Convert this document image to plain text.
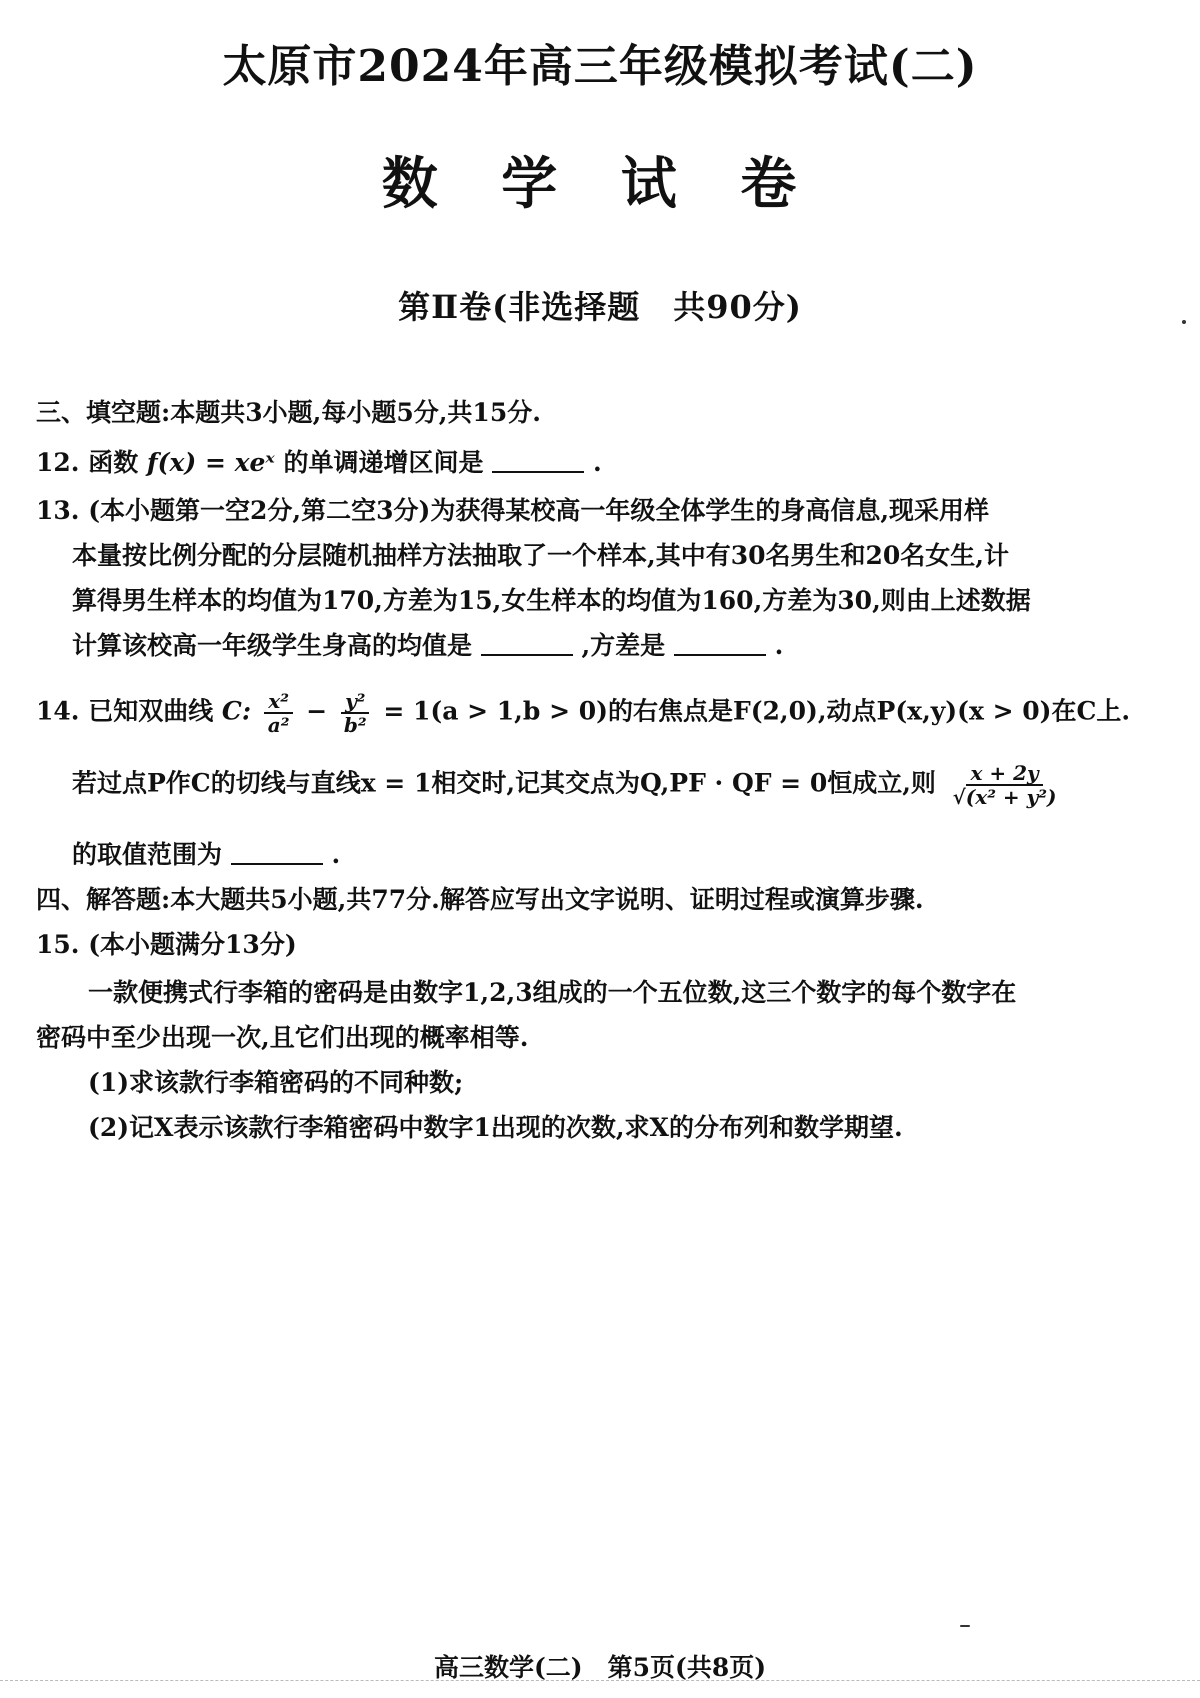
太原市2024年高三年级模拟考试(二)
数 学 试 卷
第Ⅱ卷(非选择题　共90分)
三、填空题:本题共3小题,每小题5分,共15分.
12. 函数 f(x) = xeˣ 的单调递增区间是	.
13. (本小题第一空2分,第二空3分)为获得某校高一年级全体学生的身高信息,现采用样
本量按比例分配的分层随机抽样方法抽取了一个样本,其中有30名男生和20名女生,计
算得男生样本的均值为170,方差为15,女生样本的均值为160,方差为30,则由上述数据
计算该校高一年级学生身高的均值是	,方差是	.
14. 已知双曲线 C: $\frac{\text{x²}}{\text{a²}} - \frac{\text{y²}}{\text{b²}} = 1(a > 1,b > 0)$的右焦点是F(2,0),动点P(x,y)(x > 0)在C上.
若过点P作C的切线与直线x = 1相交时,记其交点为Q,PF · QF = 0恒成立,则 $\frac{x + 2y}{\text{√(x² + y²)}}$
的取值范围为	.
四、解答题:本大题共5小题,共77分.解答应写出文字说明、证明过程或演算步骤.
15. (本小题满分13分)
一款便携式行李箱的密码是由数字1,2,3组成的一个五位数,这三个数字的每个数字在
密码中至少出现一次,且它们出现的概率相等.
(1)求该款行李箱密码的不同种数;
(2)记X表示该款行李箱密码中数字1出现的次数,求X的分布列和数学期望.
高三数学(二)　第5页(共8页)
